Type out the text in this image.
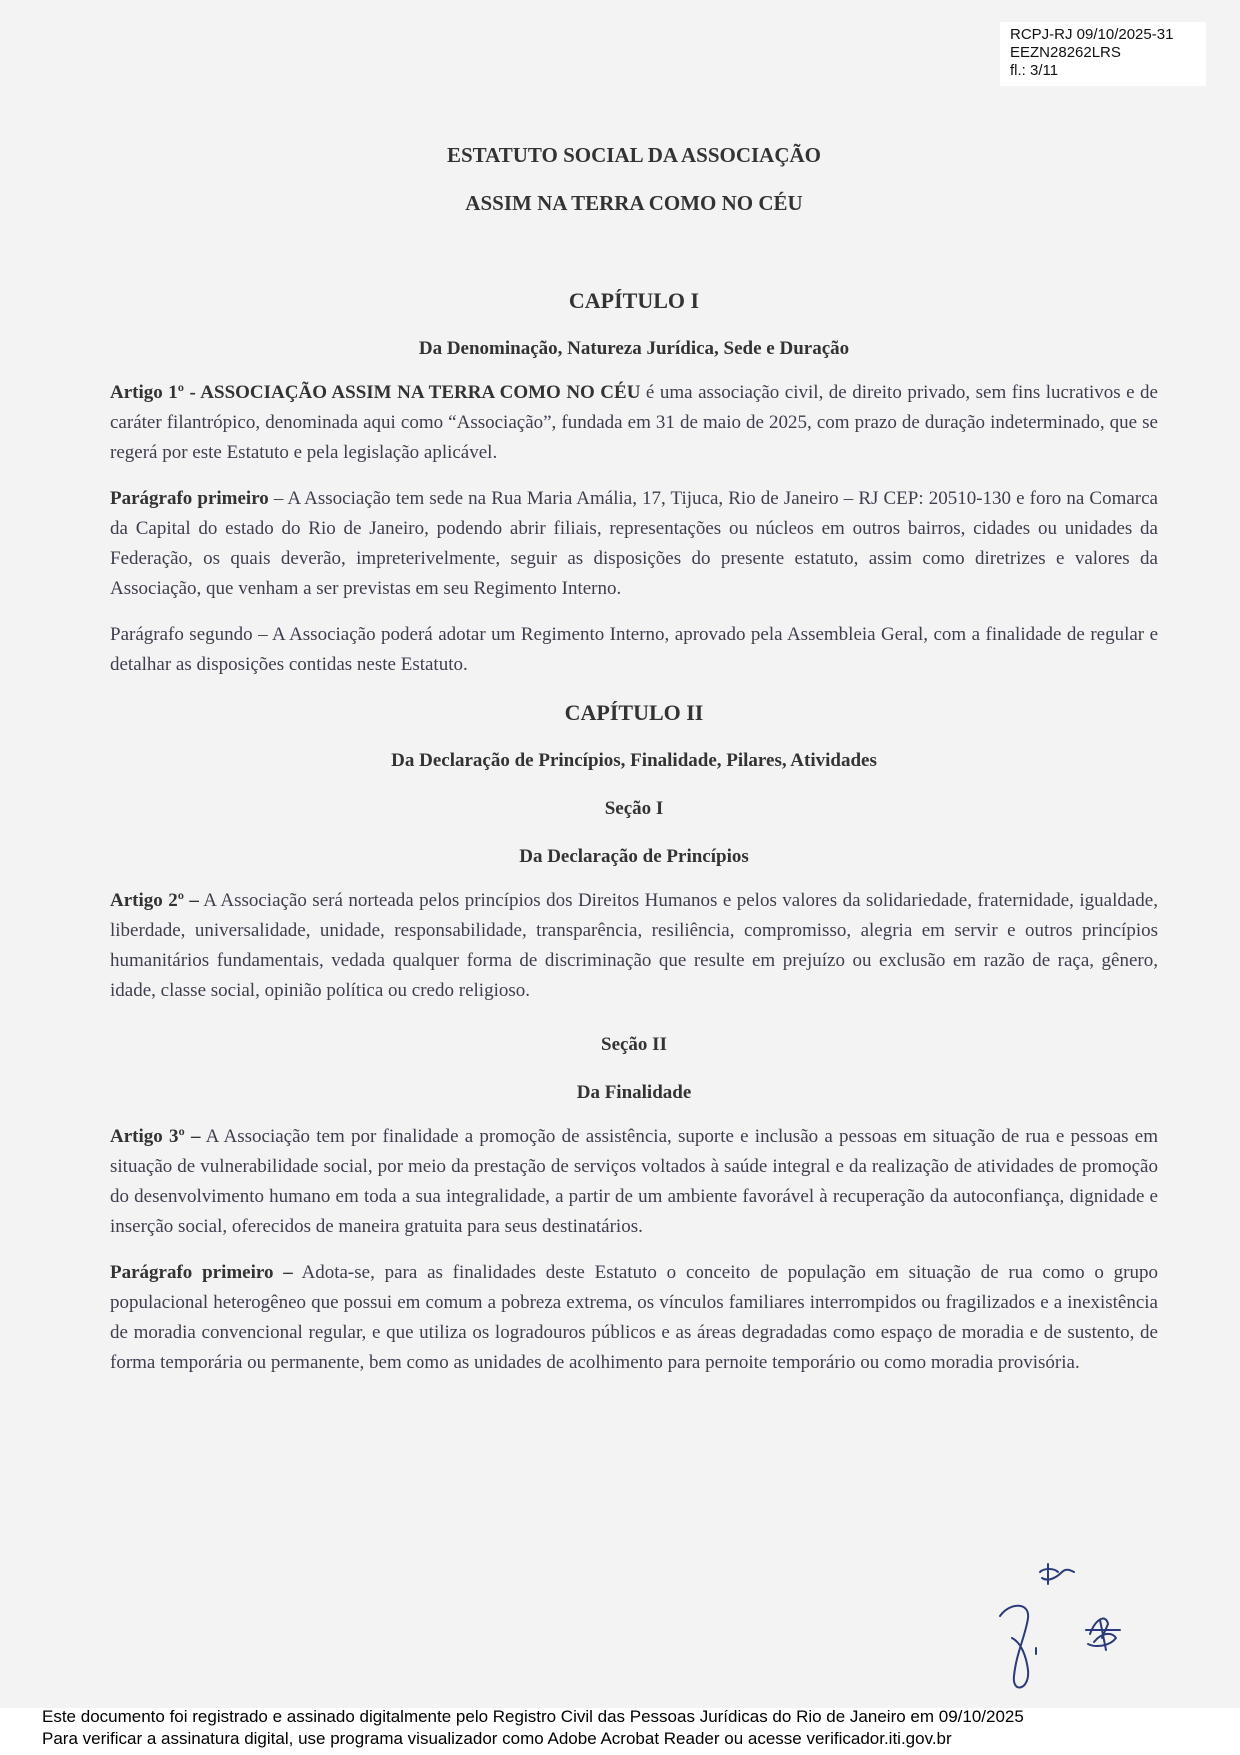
RCPJ-RJ 09/10/2025-31
EEZN28262LRS
fl.: 3/11
ESTATUTO SOCIAL DA ASSOCIAÇÃO
ASSIM NA TERRA COMO NO CÉU
CAPÍTULO I
Da Denominação, Natureza Jurídica, Sede e Duração

Artigo 1º - ASSOCIAÇÃO ASSIM NA TERRA COMO NO CÉU é uma associação civil, de direito privado, sem fins lucrativos e de caráter filantrópico, denominada aqui como “Associação”, fundada em 31 de maio de 2025, com prazo de duração indeterminado, que se regerá por este Estatuto e pela legislação aplicável.

Parágrafo primeiro – A Associação tem sede na Rua Maria Amália, 17, Tijuca, Rio de Janeiro – RJ CEP: 20510-130 e foro na Comarca da Capital do estado do Rio de Janeiro, podendo abrir filiais, representações ou núcleos em outros bairros, cidades ou unidades da Federação, os quais deverão, impreterivelmente, seguir as disposições do presente estatuto, assim como diretrizes e valores da Associação, que venham a ser previstas em seu Regimento Interno.

Parágrafo segundo – A Associação poderá adotar um Regimento Interno, aprovado pela Assembleia Geral, com a finalidade de regular e detalhar as disposições contidas neste Estatuto.

CAPÍTULO II
Da Declaração de Princípios, Finalidade, Pilares, Atividades
Seção I
Da Declaração de Princípios

Artigo 2º – A Associação será norteada pelos princípios dos Direitos Humanos e pelos valores da solidariedade, fraternidade, igualdade, liberdade, universalidade, unidade, responsabilidade, transparência, resiliência, compromisso, alegria em servir e outros princípios humanitários fundamentais, vedada qualquer forma de discriminação que resulte em prejuízo ou exclusão em razão de raça, gênero, idade, classe social, opinião política ou credo religioso.

Seção II
Da Finalidade

Artigo 3º – A Associação tem por finalidade a promoção de assistência, suporte e inclusão a pessoas em situação de rua e pessoas em situação de vulnerabilidade social, por meio da prestação de serviços voltados à saúde integral e da realização de atividades de promoção do desenvolvimento humano em toda a sua integralidade, a partir de um ambiente favorável à recuperação da autoconfiança, dignidade e inserção social, oferecidos de maneira gratuita para seus destinatários.

Parágrafo primeiro – Adota-se, para as finalidades deste Estatuto o conceito de população em situação de rua como o grupo populacional heterogêneo que possui em comum a pobreza extrema, os vínculos familiares interrompidos ou fragilizados e a inexistência de moradia convencional regular, e que utiliza os logradouros públicos e as áreas degradadas como espaço de moradia e de sustento, de forma temporária ou permanente, bem como as unidades de acolhimento para pernoite temporário ou como moradia provisória.

Este documento foi registrado e assinado digitalmente pelo Registro Civil das Pessoas Jurídicas do Rio de Janeiro em 09/10/2025
Para verificar a assinatura digital, use programa visualizador como Adobe Acrobat Reader ou acesse verificador.iti.gov.br
